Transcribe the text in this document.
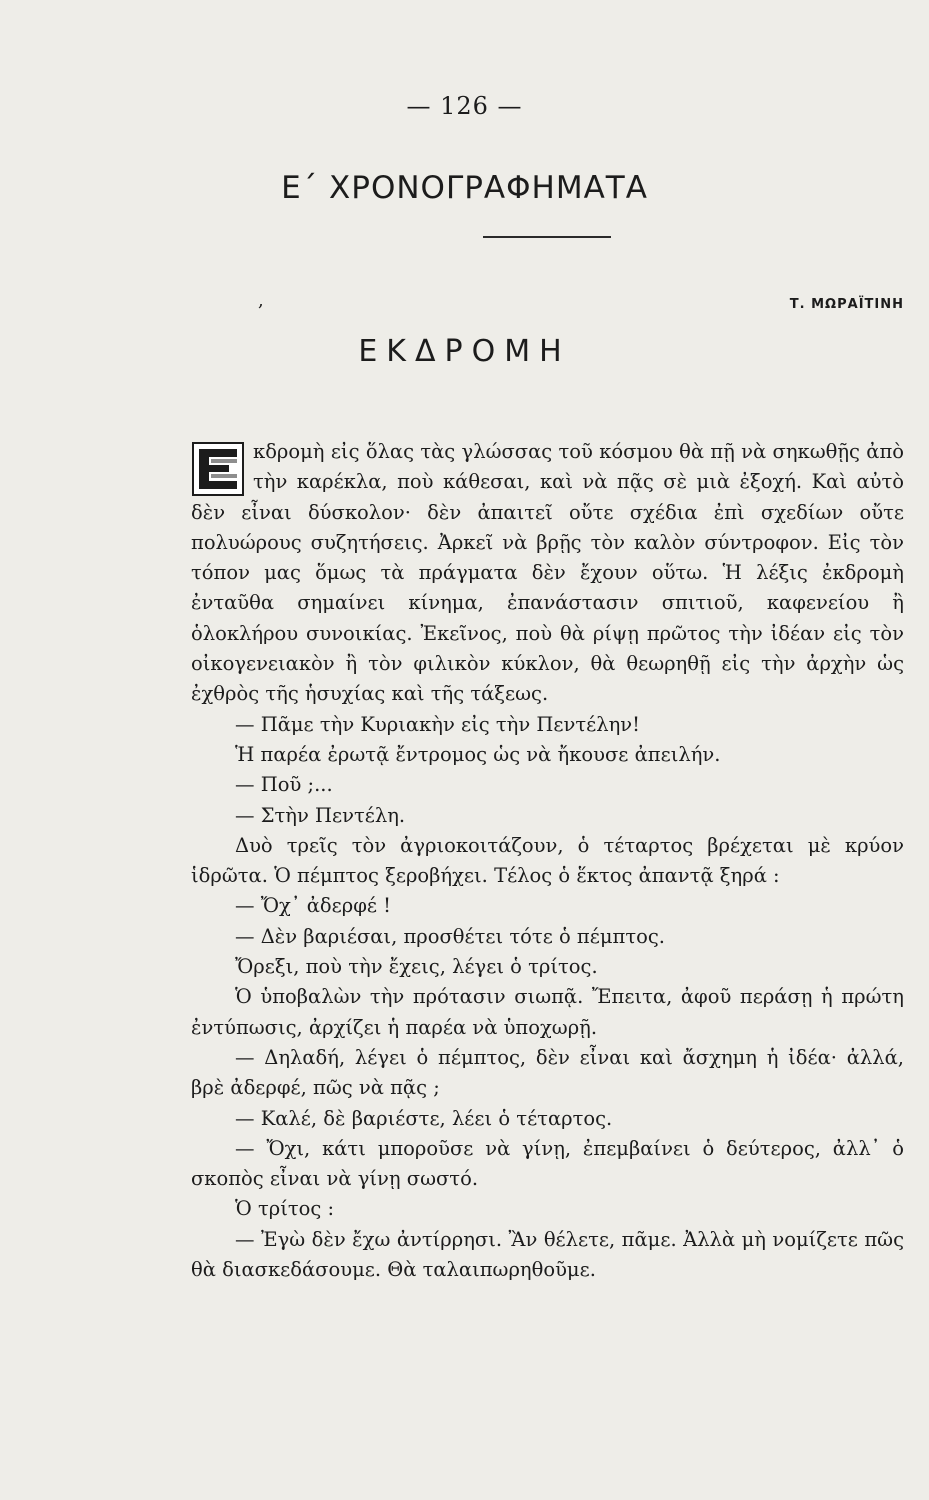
— 126 —
Ε΄ ΧΡΟΝΟΓΡΑΦΗΜΑΤΑ
,	Τ. ΜΩΡΑΪΤΙΝΗ
ΕΚΔΡΟΜΗ

κδρομὴ εἰς ὅλας τὰς γλώσσας τοῦ κόσμου θὰ πῇ νὰ σηκωθῇς ἀπὸ τὴν καρέκλα, ποὺ κάθεσαι, καὶ νὰ πᾷς σὲ μιὰ ἐξοχή. Καὶ αὐτὸ δὲν εἶναι δύσκολον· δὲν ἀπαιτεῖ οὔτε σχέδια ἐπὶ σχεδίων οὔτε πολυώρους συζητήσεις. Ἀρκεῖ νὰ βρῇς τὸν καλὸν σύντροφον. Εἰς τὸν τόπον μας ὅμως τὰ πράγματα δὲν ἔχουν οὕτω. Ἡ λέξις ἐκδρομὴ ἐνταῦθα σημαίνει κίνημα, ἐπανάστασιν σπιτιοῦ, καφενείου ἢ ὁλοκλήρου συνοικίας. Ἐκεῖνος, ποὺ θὰ ρίψῃ πρῶτος τὴν ἰδέαν εἰς τὸν οἰκογενειακὸν ἢ τὸν φιλικὸν κύκλον, θὰ θεωρηθῇ εἰς τὴν ἀρχὴν ὡς ἐχθρὸς τῆς ἡσυχίας καὶ τῆς τάξεως.

— Πᾶμε τὴν Κυριακὴν εἰς τὴν Πεντέλην!

Ἡ παρέα ἐρωτᾷ ἔντρομος ὡς νὰ ἤκουσε ἀπειλήν.

— Ποῦ ;...

— Στὴν Πεντέλη.

Δυὸ τρεῖς τὸν ἀγριοκοιτάζουν, ὁ τέταρτος βρέχεται μὲ κρύον ἱδρῶτα. Ὁ πέμπτος ξεροβήχει. Τέλος ὁ ἕκτος ἀπαντᾷ ξηρά :

— Ὄχ᾿ ἀδερφέ !

— Δὲν βαριέσαι, προσθέτει τότε ὁ πέμπτος.

Ὄρεξι, ποὺ τὴν ἔχεις, λέγει ὁ τρίτος.

Ὁ ὑποβαλὼν τὴν πρότασιν σιωπᾷ. Ἔπειτα, ἀφοῦ περάσῃ ἡ πρώτη ἐντύπωσις, ἀρχίζει ἡ παρέα νὰ ὑποχωρῇ.

— Δηλαδή, λέγει ὁ πέμπτος, δὲν εἶναι καὶ ἄσχημη ἡ ἰδέα· ἀλλά, βρὲ ἀδερφέ, πῶς νὰ πᾷς ;

— Καλέ, δὲ βαριέστε, λέει ὁ τέταρτος.

— Ὄχι, κάτι μποροῦσε νὰ γίνῃ, ἐπεμβαίνει ὁ δεύτερος, ἀλλ᾿ ὁ σκοπὸς εἶναι νὰ γίνῃ σωστό.

Ὁ τρίτος :

— Ἐγὼ δὲν ἔχω ἀντίρρησι. Ἂν θέλετε, πᾶμε. Ἀλλὰ μὴ νομίζετε πῶς θὰ διασκεδάσουμε. Θὰ ταλαιπωρηθοῦμε.
